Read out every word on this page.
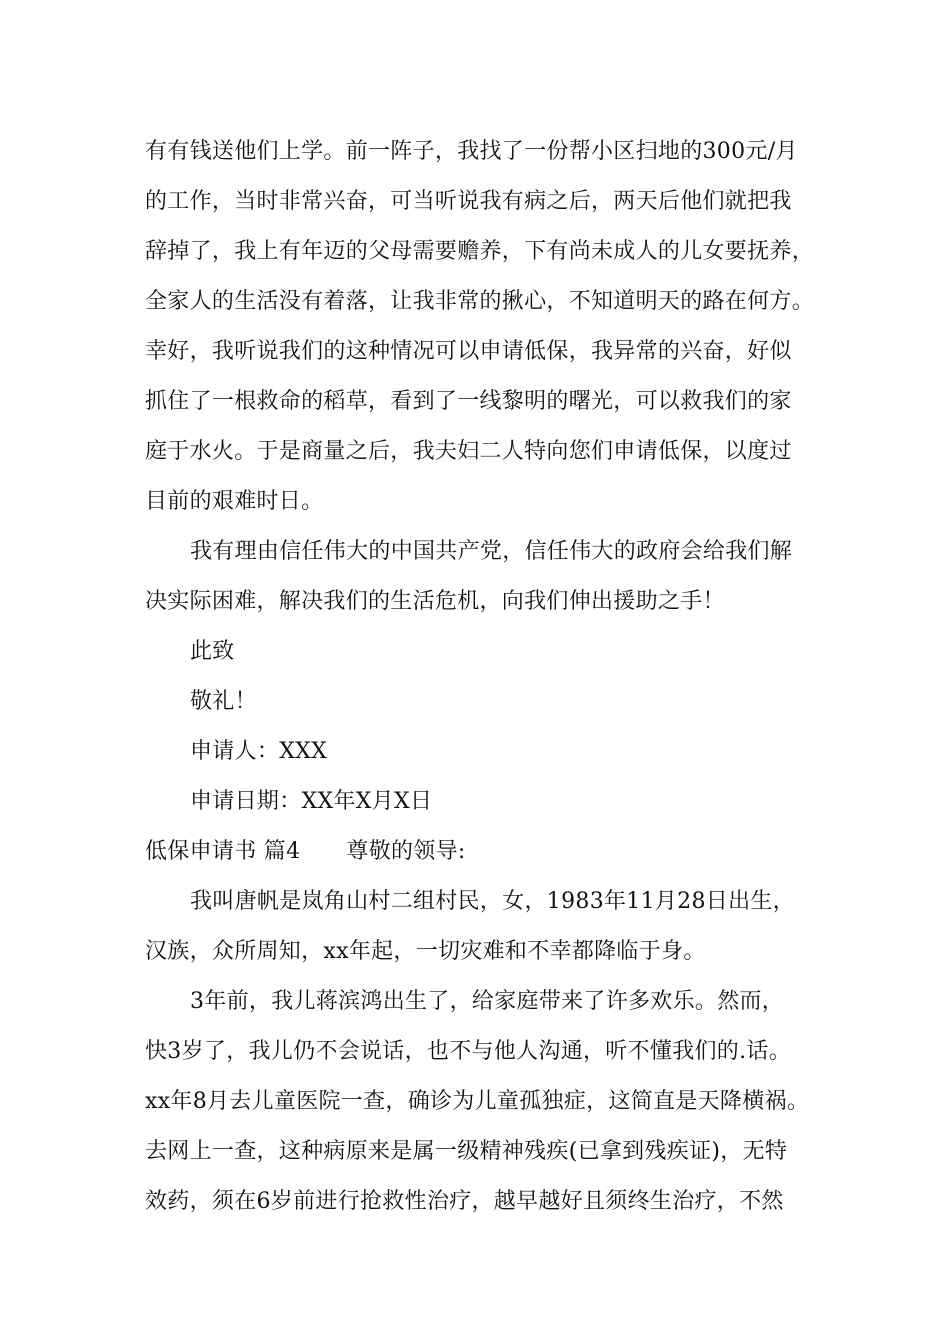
有有钱送他们上学。前一阵子，我找了一份帮小区扫地的300元/月
的工作，当时非常兴奋，可当听说我有病之后，两天后他们就把我
辞掉了，我上有年迈的父母需要赡养，下有尚未成人的儿女要抚养，
全家人的生活没有着落，让我非常的揪心，不知道明天的路在何方。
幸好，我听说我们的这种情况可以申请低保，我异常的兴奋，好似
抓住了一根救命的稻草，看到了一线黎明的曙光，可以救我们的家
庭于水火。于是商量之后，我夫妇二人特向您们申请低保，以度过
目前的艰难时日。
我有理由信任伟大的中国共产党，信任伟大的政府会给我们解
决实际困难，解决我们的生活危机，向我们伸出援助之手！
此致
敬礼！
申请人：XXX
申请日期：XX年X月X日
低保申请书 篇4 尊敬的领导:
我叫唐帆是岚角山村二组村民，女，1983年11月28日出生，
汉族，众所周知，xx年起，一切灾难和不幸都降临于身。
3年前，我儿蒋滨鸿出生了，给家庭带来了许多欢乐。然而，
快3岁了，我儿仍不会说话，也不与他人沟通，听不懂我们的.话。
xx年8月去儿童医院一查，确诊为儿童孤独症，这简直是天降横祸。
去网上一查，这种病原来是属一级精神残疾(已拿到残疾证)，无特
效药，须在6岁前进行抢救性治疗，越早越好且须终生治疗，不然
